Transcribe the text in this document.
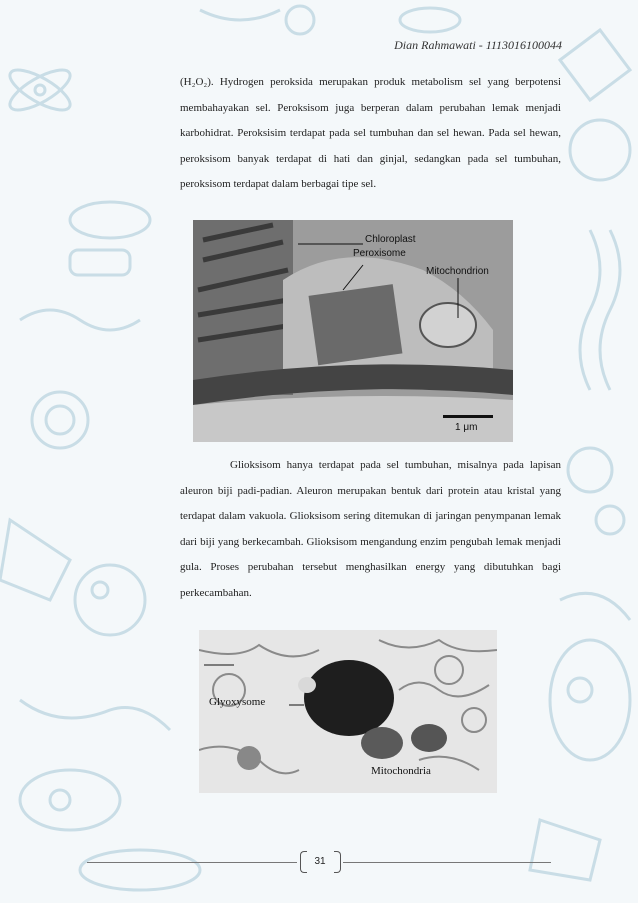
Dian Rahmawati - 1113016100044

(H₂O₂). Hydrogen peroksida merupakan produk metabolism sel yang berpotensi membahayakan sel. Peroksisom juga berperan dalam perubahan lemak menjadi karbohidrat. Peroksisim terdapat pada sel tumbuhan dan sel hewan. Pada sel hewan, peroksisom banyak terdapat di hati dan ginjal, sedangkan pada sel tumbuhan, peroksisom terdapat dalam berbagai tipe sel.

Chloroplast
Peroxisome
Mitochondrion
1 μm

Glioksisom hanya terdapat pada sel tumbuhan, misalnya pada lapisan aleuron biji padi-padian. Aleuron merupakan bentuk dari protein atau kristal yang terdapat dalam vakuola. Glioksisom sering ditemukan di jaringan penympanan lemak dari biji yang berkecambah. Glioksisom mengandung enzim pengubah lemak menjadi gula. Proses perubahan tersebut menghasilkan energy yang dibutuhkan bagi perkecambahan.

Glyoxysome
Mitochondria
31
